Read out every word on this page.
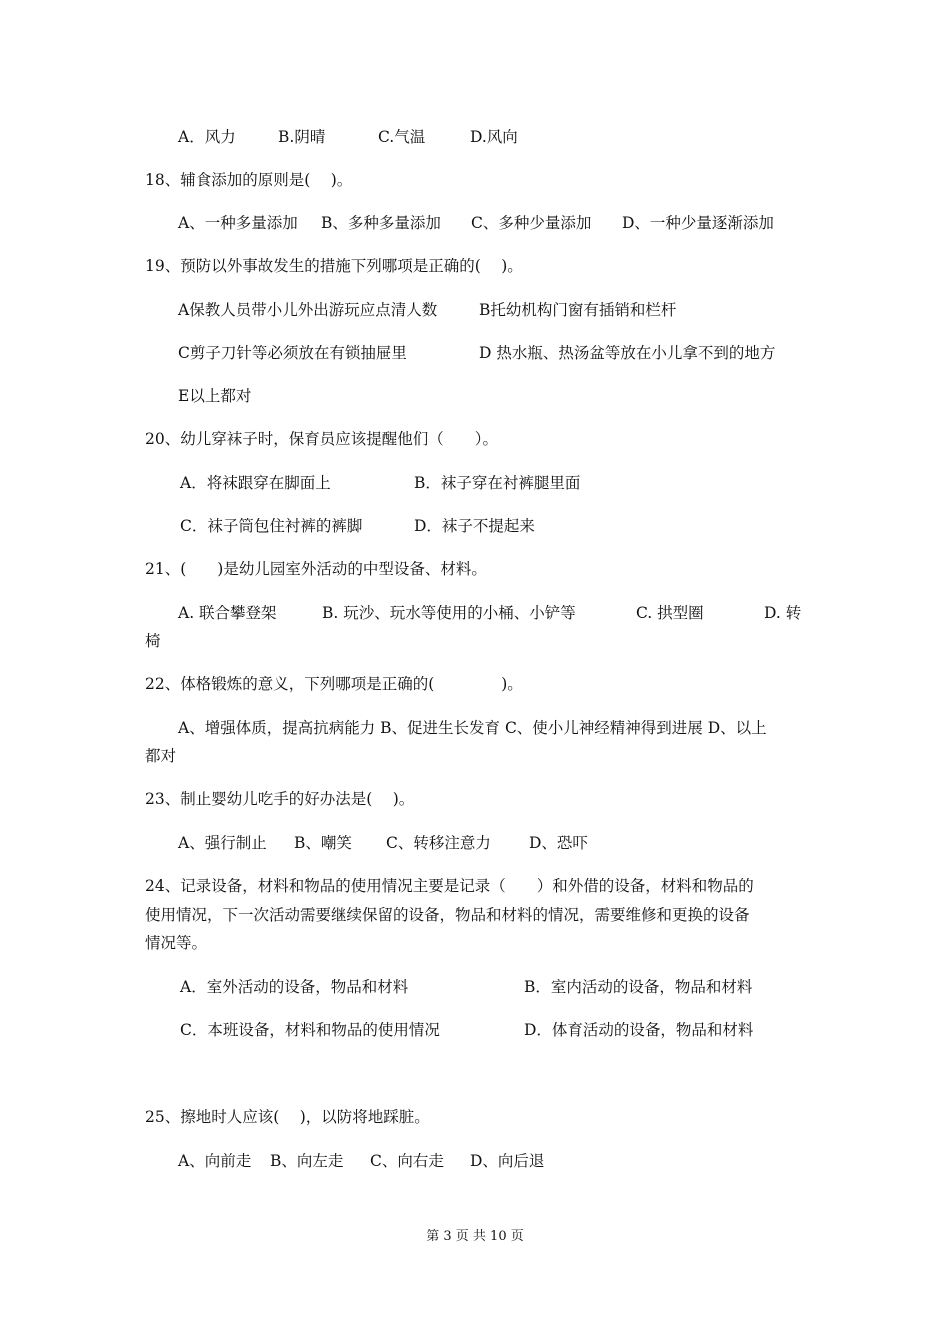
A．风力	B.阴晴	C.气温	D.风向
18、辅食添加的原则是(　 )。
A、一种多量添加 B、多种多量添加 C、多种少量添加 D、一种少量逐渐添加
19、预防以外事故发生的措施下列哪项是正确的(　 )。
A保教人员带小儿外出游玩应点清人数	B托幼机构门窗有插销和栏杆
C剪子刀针等必须放在有锁抽屉里	D 热水瓶、热汤盆等放在小儿拿不到的地方
E以上都对
20、幼儿穿袜子时，保育员应该提醒他们（　　）。
A．将袜跟穿在脚面上	B．袜子穿在衬裤腿里面
C．袜子筒包住衬裤的裤脚	D．袜子不提起来
21、(　　)是幼儿园室外活动的中型设备、材料。
A. 联合攀登架	B. 玩沙、玩水等使用的小桶、小铲等	C. 拱型圈	D. 转
椅
22、体格锻炼的意义，下列哪项是正确的(　　　　 )。
A、增强体质，提高抗病能力 B、促进生长发育 C、使小儿神经精神得到进展 D、以上
都对
23、制止婴幼儿吃手的好办法是(　 )。
A、强行制止 B、嘲笑 C、转移注意力 D、恐吓
24、记录设备，材料和物品的使用情况主要是记录（　　）和外借的设备，材料和物品的
使用情况，下一次活动需要继续保留的设备，物品和材料的情况，需要维修和更换的设备
情况等。
A．室外活动的设备，物品和材料	B．室内活动的设备，物品和材料
C．本班设备，材料和物品的使用情况	D．体育活动的设备，物品和材料
25、擦地时人应该(　 )，以防将地踩脏。
A、向前走 B、向左走 C、向右走 D、向后退
第 3 页 共 10 页
